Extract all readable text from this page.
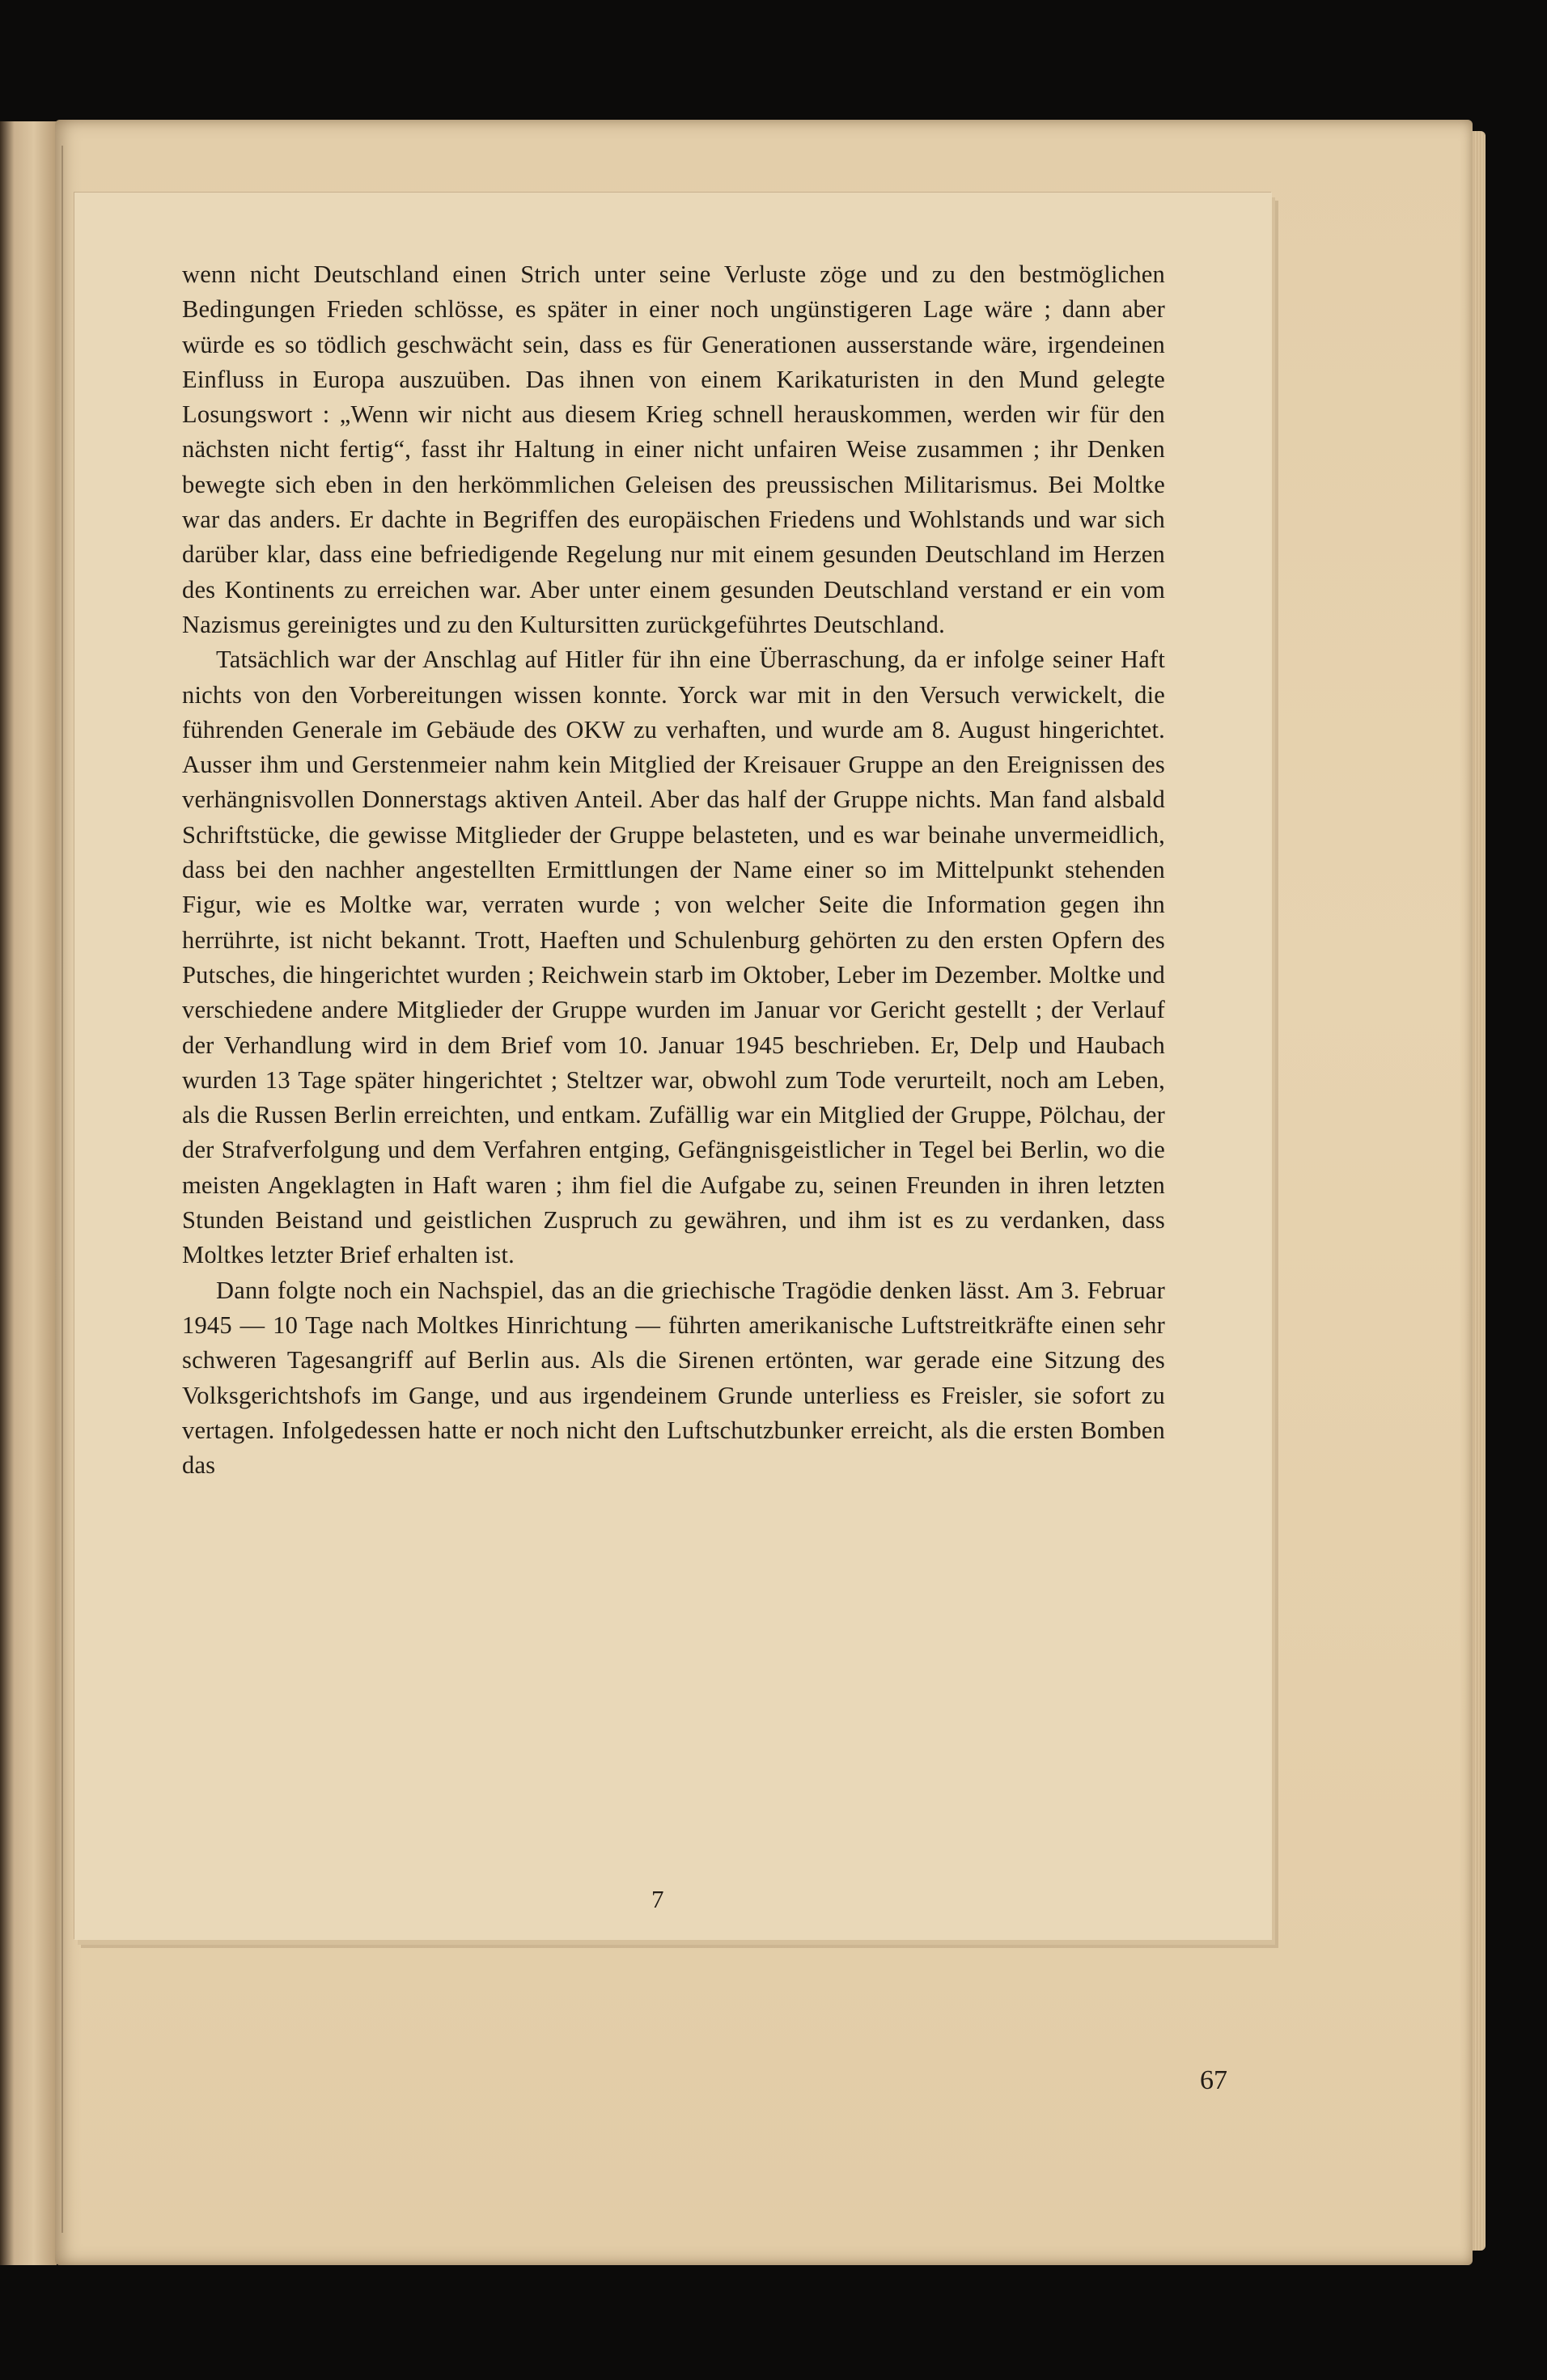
wenn nicht Deutschland einen Strich unter seine Verluste zöge und zu den bestmöglichen Bedingungen Frieden schlösse, es später in einer noch ungünstigeren Lage wäre ; dann aber würde es so tödlich geschwächt sein, dass es für Generationen ausserstande wäre, irgendeinen Einfluss in Europa auszuüben. Das ihnen von einem Karikaturisten in den Mund gelegte Losungswort : „Wenn wir nicht aus diesem Krieg schnell herauskommen, werden wir für den nächsten nicht fertig“, fasst ihr Haltung in einer nicht unfairen Weise zusammen ; ihr Denken bewegte sich eben in den herkömmlichen Geleisen des preussischen Militarismus. Bei Moltke war das anders. Er dachte in Begriffen des europäischen Friedens und Wohlstands und war sich darüber klar, dass eine befriedigende Regelung nur mit einem gesunden Deutschland im Herzen des Kontinents zu erreichen war. Aber unter einem gesunden Deutschland verstand er ein vom Nazismus gereinigtes und zu den Kultursitten zurückgeführtes Deutschland.

Tatsächlich war der Anschlag auf Hitler für ihn eine Überraschung, da er infolge seiner Haft nichts von den Vorbereitungen wissen konnte. Yorck war mit in den Versuch verwickelt, die führenden Generale im Gebäude des OKW zu verhaften, und wurde am 8. August hingerichtet. Ausser ihm und Gerstenmeier nahm kein Mitglied der Kreisauer Gruppe an den Ereignissen des verhängnisvollen Donnerstags aktiven Anteil. Aber das half der Gruppe nichts. Man fand alsbald Schriftstücke, die gewisse Mitglieder der Gruppe belasteten, und es war beinahe unvermeidlich, dass bei den nachher angestellten Ermittlungen der Name einer so im Mittelpunkt stehenden Figur, wie es Moltke war, verraten wurde ; von welcher Seite die Information gegen ihn herrührte, ist nicht bekannt. Trott, Haeften und Schulenburg gehörten zu den ersten Opfern des Putsches, die hingerichtet wurden ; Reichwein starb im Oktober, Leber im Dezember. Moltke und verschiedene andere Mitglieder der Gruppe wurden im Januar vor Gericht gestellt ; der Verlauf der Verhandlung wird in dem Brief vom 10. Januar 1945 beschrieben. Er, Delp und Haubach wurden 13 Tage später hingerichtet ; Steltzer war, obwohl zum Tode verurteilt, noch am Leben, als die Russen Berlin erreichten, und entkam. Zufällig war ein Mitglied der Gruppe, Pölchau, der der Strafverfolgung und dem Verfahren entging, Gefängnisgeistlicher in Tegel bei Berlin, wo die meisten Angeklagten in Haft waren ; ihm fiel die Aufgabe zu, seinen Freunden in ihren letzten Stunden Beistand und geistlichen Zuspruch zu gewähren, und ihm ist es zu verdanken, dass Moltkes letzter Brief erhalten ist.

Dann folgte noch ein Nachspiel, das an die griechische Tragödie denken lässt. Am 3. Februar 1945 — 10 Tage nach Moltkes Hinrichtung — führten amerikanische Luftstreitkräfte einen sehr schweren Tagesangriff auf Berlin aus. Als die Sirenen ertönten, war gerade eine Sitzung des Volksgerichtshofs im Gange, und aus irgendeinem Grunde unterliess es Freisler, sie sofort zu vertagen. Infolgedessen hatte er noch nicht den Luftschutzbunker erreicht, als die ersten Bomben das

7
67
